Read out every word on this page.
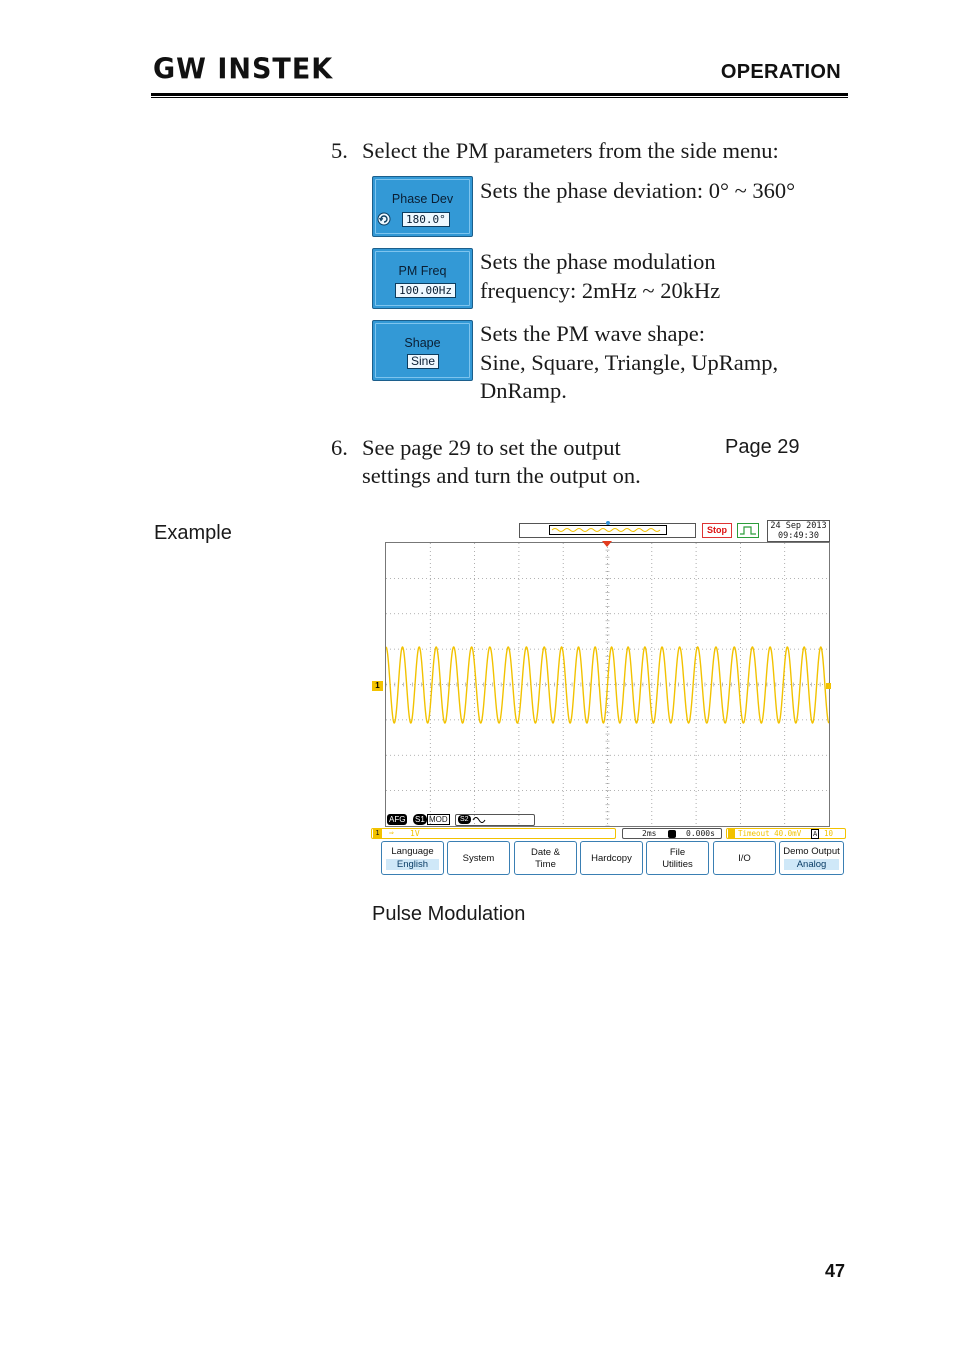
GW INSTEK	OPERATION
5. Select the PM parameters from the side menu:
Phase Dev
180.0°
Sets the phase deviation: 0° ~ 360°
PM Freq
100.00Hz
Sets the phase modulation
frequency: 2mHz ~ 20kHz
Shape
Sine
Sets the PM wave shape:
Sine, Square, Triangle, UpRamp,
DnRamp.
6. See page 29 to set the output
settings and turn the output on.
Page 29
Example	Stop	24 Sep 2013
09:49:30
1
AFG S1 MOD S2
1 ⇒ 1V	2ms	0.000s	Timeout 40.0mV A 10
Language
English
System
Date &
Time
Hardcopy
File
Utilities
I/O
Demo Output
Analog
Pulse Modulation
47
